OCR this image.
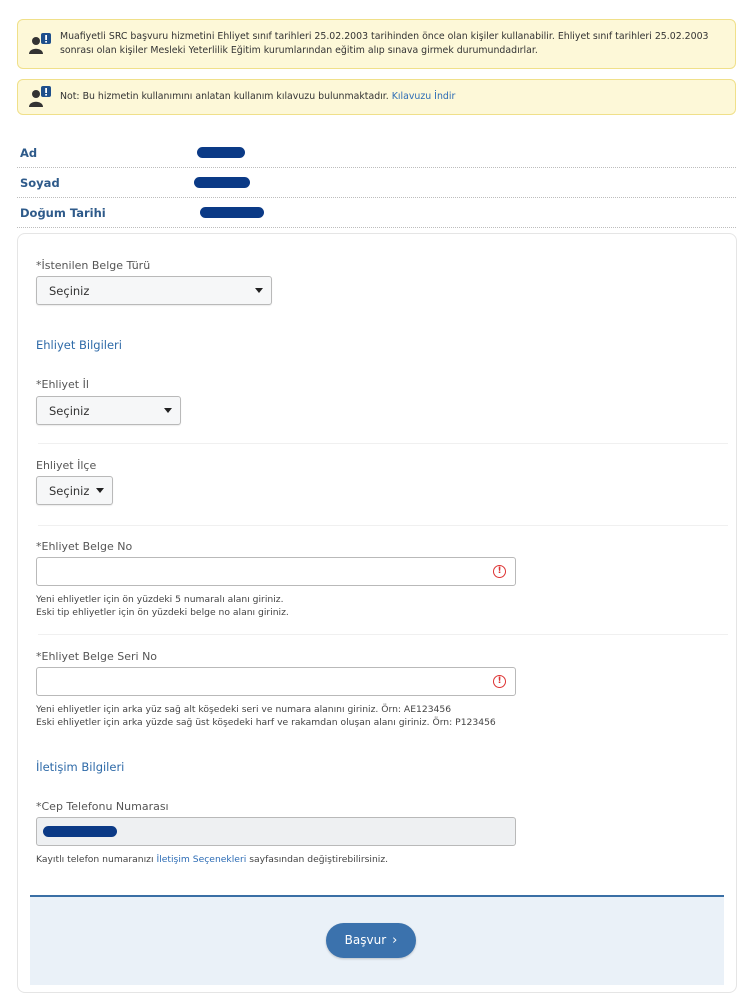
Muafiyetli SRC başvuru hizmetini Ehliyet sınıf tarihleri 25.02.2003 tarihinden önce olan kişiler kullanabilir. Ehliyet sınıf tarihleri 25.02.2003 sonrası olan kişiler Mesleki Yeterlilik Eğitim kurumlarından eğitim alıp sınava girmek durumundadırlar.
Not: Bu hizmetin kullanımını anlatan kullanım kılavuzu bulunmaktadır. Kılavuzu İndir
Ad
Soyad
Doğum Tarihi
*İstenilen Belge Türü
Seçiniz
Ehliyet Bilgileri
*Ehliyet İl
Seçiniz
Ehliyet İlçe
Seçiniz
*Ehliyet Belge No
!
Yeni ehliyetler için ön yüzdeki 5 numaralı alanı giriniz.
Eski tip ehliyetler için ön yüzdeki belge no alanı giriniz.
*Ehliyet Belge Seri No
!
Yeni ehliyetler için arka yüz sağ alt köşedeki seri ve numara alanını giriniz. Örn: AE123456
Eski ehliyetler için arka yüzde sağ üst köşedeki harf ve rakamdan oluşan alanı giriniz. Örn: P123456
İletişim Bilgileri
*Cep Telefonu Numarası
Kayıtlı telefon numaranızı İletişim Seçenekleri sayfasından değiştirebilirsiniz.
Başvur ›
